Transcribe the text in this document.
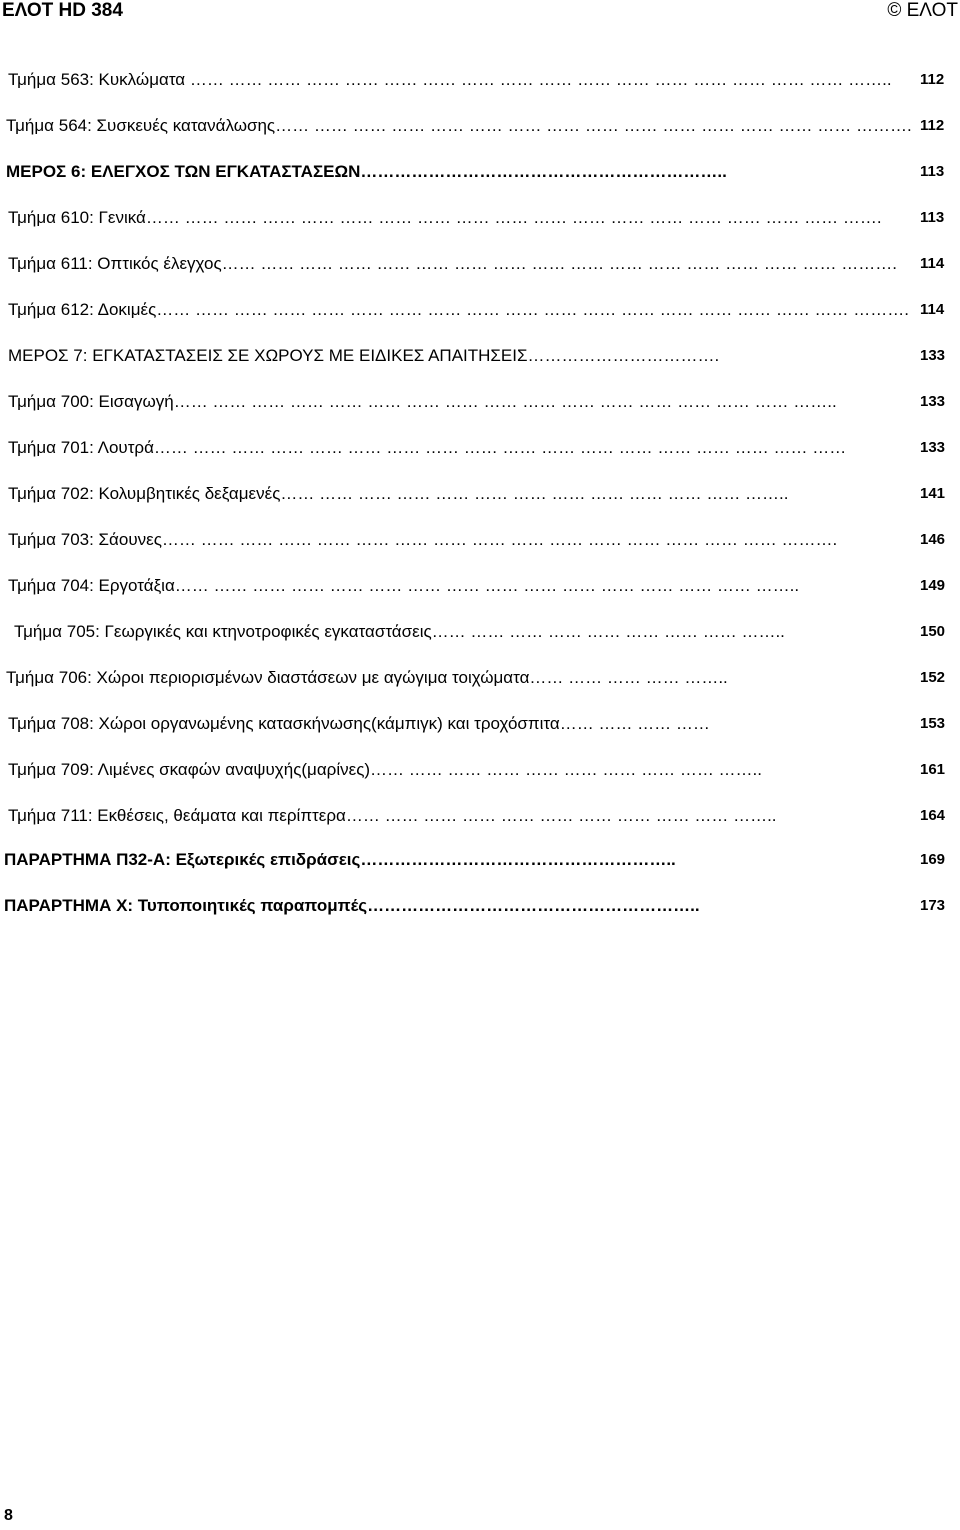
ΕΛΟΤ HD 384	© ΕΛΟΤ
Τμήμα 563: Κυκλώματα …… …… …… …… …… …… …… …… …… …… …… …… …… …… …… …… …… ……..	112
Τμήμα 564: Συσκευές κατανάλωσης…… …… …… …… …… …… …… …… …… …… …… …… …… …… …… ………. 112
ΜΕΡΟΣ 6: ΕΛΕΓΧΟΣ ΤΩΝ ΕΓΚΑΤΑΣΤΑΣΕΩΝ………………………………………………………..	113
Τμήμα 610: Γενικά…… …… …… …… …… …… …… …… …… …… …… …… …… …… …… …… …… …… …….	113
Τμήμα 611: Οπτικός έλεγχος…… …… …… …… …… …… …… …… …… …… …… …… …… …… …… …… ……….	114
Τμήμα 612: Δοκιμές…… …… …… …… …… …… …… …… …… …… …… …… …… …… …… …… …… …… ………. 114
ΜΕΡΟΣ 7: ΕΓΚΑΤΑΣΤΑΣΕΙΣ ΣΕ ΧΩΡΟΥΣ ΜΕ ΕΙΔΙΚΕΣ ΑΠΑΙΤΗΣΕΙΣ…………………………….	133
Τμήμα 700: Εισαγωγή…… …… …… …… …… …… …… …… …… …… …… …… …… …… …… …… ……..	133
Τμήμα 701: Λουτρά…… …… …… …… …… …… …… …… …… …… …… …… …… …… …… …… …… ……	133
Τμήμα 702: Κολυμβητικές δεξαμενές…… …… …… …… …… …… …… …… …… …… …… …… ……..	141
Τμήμα 703: Σάουνες…… …… …… …… …… …… …… …… …… …… …… …… …… …… …… …… ……….	146
Τμήμα 704: Εργοτάξια…… …… …… …… …… …… …… …… …… …… …… …… …… …… …… ……..	149
Τμήμα 705: Γεωργικές και κτηνοτροφικές εγκαταστάσεις…… …… …… …… …… …… …… …… ……..	150
Τμήμα 706: Χώροι περιορισμένων διαστάσεων με αγώγιμα τοιχώματα…… …… …… …… ……..	152
Τμήμα 708: Χώροι οργανωμένης κατασκήνωσης(κάμπιγκ) και τροχόσπιτα…… …… …… ……	153
Τμήμα 709: Λιμένες σκαφών αναψυχής(μαρίνες)…… …… …… …… …… …… …… …… …… ……..	161
Τμήμα 711: Εκθέσεις, θεάματα και περίπτερα…… …… …… …… …… …… …… …… …… …… ……..	164
ΠΑΡΑΡΤΗΜΑ Π32-Α: Εξωτερικές επιδράσεις………………………………………………..	169
ΠΑΡΑΡΤΗΜΑ Χ: Τυποποιητικές παραπομπές…………………………………………………..	173
8
